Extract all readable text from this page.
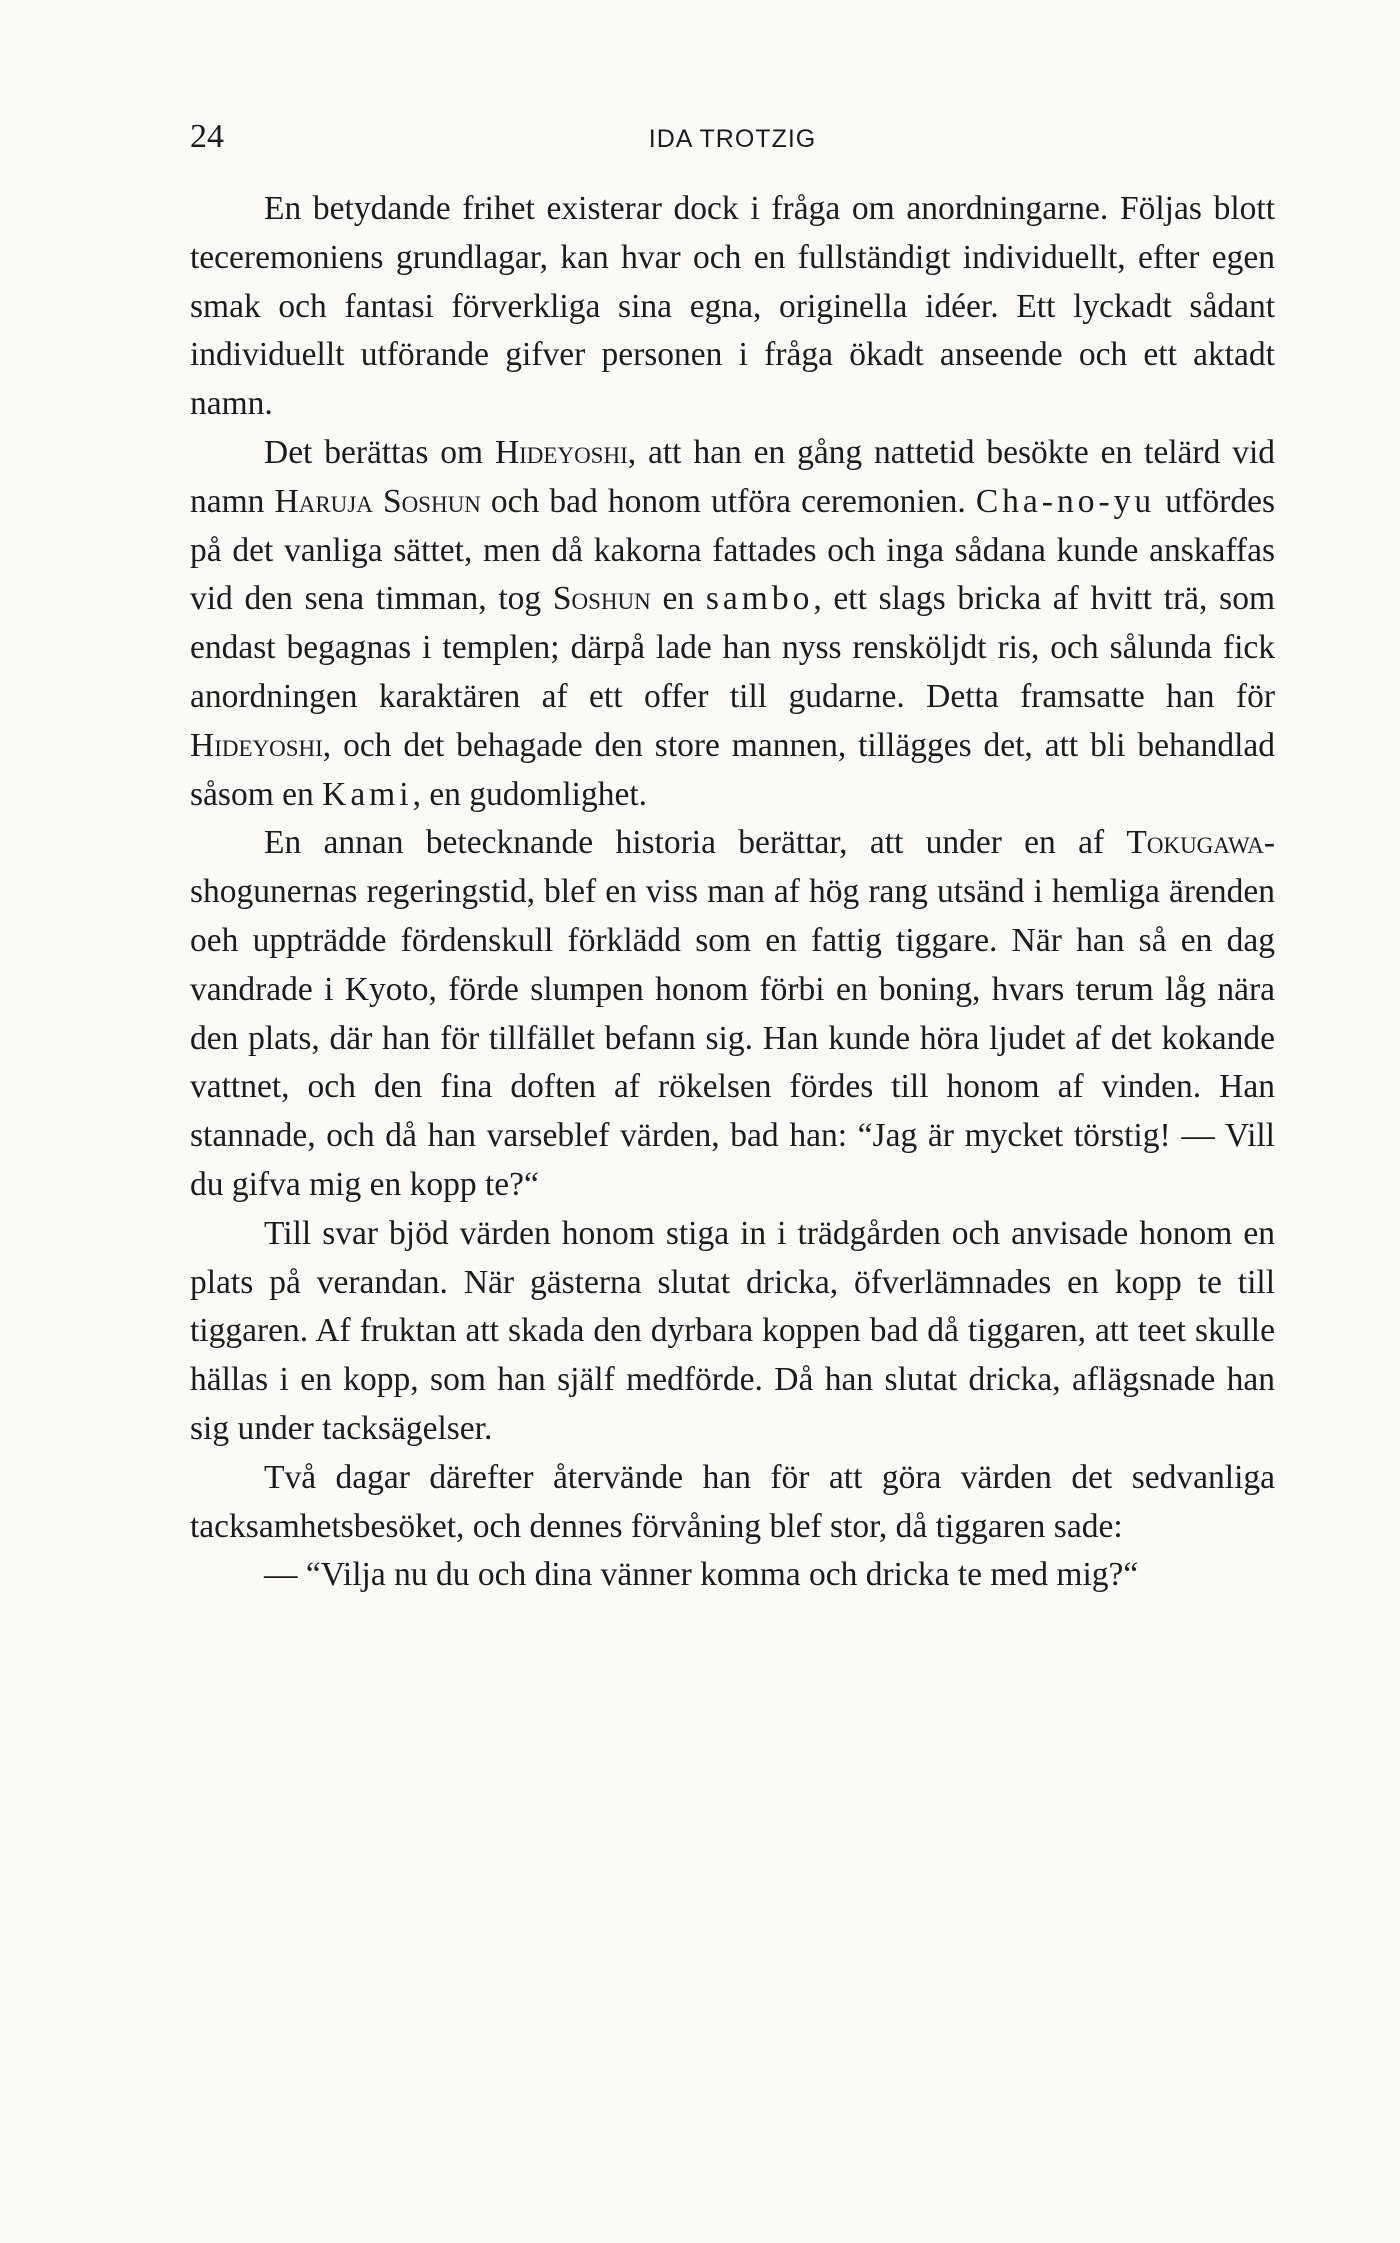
24	IDA TROTZIG

En betydande frihet existerar dock i fråga om anordningarne. Följas blott teceremoniens grundlagar, kan hvar och en fullständigt individuellt, efter egen smak och fantasi förverkliga sina egna, originella idéer. Ett lyckadt sådant individuellt utförande gifver personen i fråga ökadt anseende och ett aktadt namn.

Det berättas om Hideyoshi, att han en gång nattetid besökte en telärd vid namn Haruja Soshun och bad honom utföra ceremonien. Cha-no-yu utfördes på det vanliga sättet, men då kakorna fattades och inga sådana kunde anskaffas vid den sena timman, tog Soshun en sambo, ett slags bricka af hvitt trä, som endast begagnas i templen; därpå lade han nyss rensköljdt ris, och sålunda fick anordningen karaktären af ett offer till gudarne. Detta framsatte han för Hideyoshi, och det behagade den store mannen, tillägges det, att bli behandlad såsom en Kami, en gudomlighet.

En annan betecknande historia berättar, att under en af Tokugawa-shogunernas regeringstid, blef en viss man af hög rang utsänd i hemliga ärenden oeh uppträdde fördenskull förklädd som en fattig tiggare. När han så en dag vandrade i Kyoto, förde slumpen honom förbi en boning, hvars terum låg nära den plats, där han för tillfället befann sig. Han kunde höra ljudet af det kokande vattnet, och den fina doften af rökelsen fördes till honom af vinden. Han stannade, och då han varseblef värden, bad han: “Jag är mycket törstig! — Vill du gifva mig en kopp te?“

Till svar bjöd värden honom stiga in i trädgården och anvisade honom en plats på verandan. När gästerna slutat dricka, öfverlämnades en kopp te till tiggaren. Af fruktan att skada den dyrbara koppen bad då tiggaren, att teet skulle hällas i en kopp, som han själf medförde. Då han slutat dricka, aflägsnade han sig under tacksägelser.

Två dagar därefter återvände han för att göra värden det sedvanliga tacksamhetsbesöket, och dennes förvåning blef stor, då tiggaren sade:

— “Vilja nu du och dina vänner komma och dricka te med mig?“
